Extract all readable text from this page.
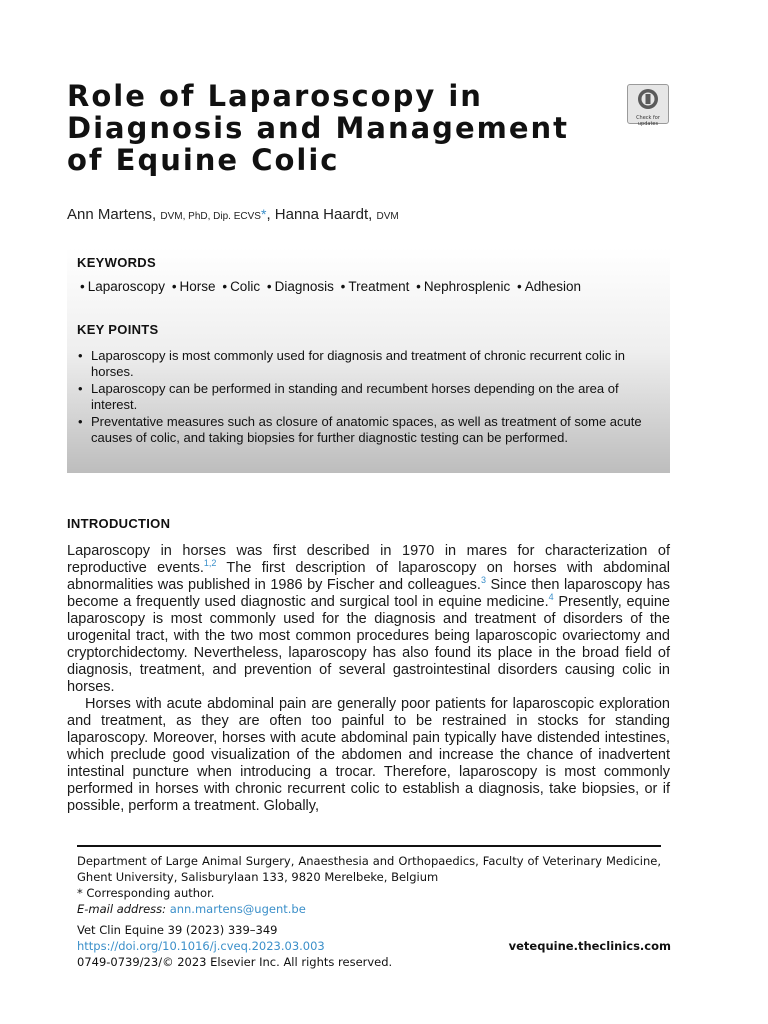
Role of Laparoscopy in Diagnosis and Management of Equine Colic
Check for updates
Ann Martens, DVM, PhD, Dip. ECVS*, Hanna Haardt, DVM
KEYWORDS
• Laparoscopy • Horse • Colic • Diagnosis • Treatment • Nephrosplenic • Adhesion
KEY POINTS
• Laparoscopy is most commonly used for diagnosis and treatment of chronic recurrent colic in horses.
• Laparoscopy can be performed in standing and recumbent horses depending on the area of interest.
• Preventative measures such as closure of anatomic spaces, as well as treatment of some acute causes of colic, and taking biopsies for further diagnostic testing can be performed.
INTRODUCTION

Laparoscopy in horses was first described in 1970 in mares for characterization of reproductive events.$^{1,2}$ The first description of laparoscopy on horses with abdominal abnormalities was published in 1986 by Fischer and colleagues.$^3$ Since then laparoscopy has become a frequently used diagnostic and surgical tool in equine medicine.$^4$ Presently, equine laparoscopy is most commonly used for the diagnosis and treatment of disorders of the urogenital tract, with the two most common procedures being laparoscopic ovariectomy and cryptorchidectomy. Nevertheless, laparoscopy has also found its place in the broad field of diagnosis, treatment, and prevention of several gastrointestinal disorders causing colic in horses.

Horses with acute abdominal pain are generally poor patients for laparoscopic exploration and treatment, as they are often too painful to be restrained in stocks for standing laparoscopy. Moreover, horses with acute abdominal pain typically have distended intestines, which preclude good visualization of the abdomen and increase the chance of inadvertent intestinal puncture when introducing a trocar. Therefore, laparoscopy is most commonly performed in horses with chronic recurrent colic to establish a diagnosis, take biopsies, or if possible, perform a treatment. Globally,

Department of Large Animal Surgery, Anaesthesia and Orthopaedics, Faculty of Veterinary Medicine, Ghent University, Salisburylaan 133, 9820 Merelbeke, Belgium

* Corresponding author.

E-mail address: ann.martens@ugent.be

Vet Clin Equine 39 (2023) 339–349
https://doi.org/10.1016/j.cveq.2023.03.003
0749-0739/23/© 2023 Elsevier Inc. All rights reserved.
vetequine.theclinics.com
